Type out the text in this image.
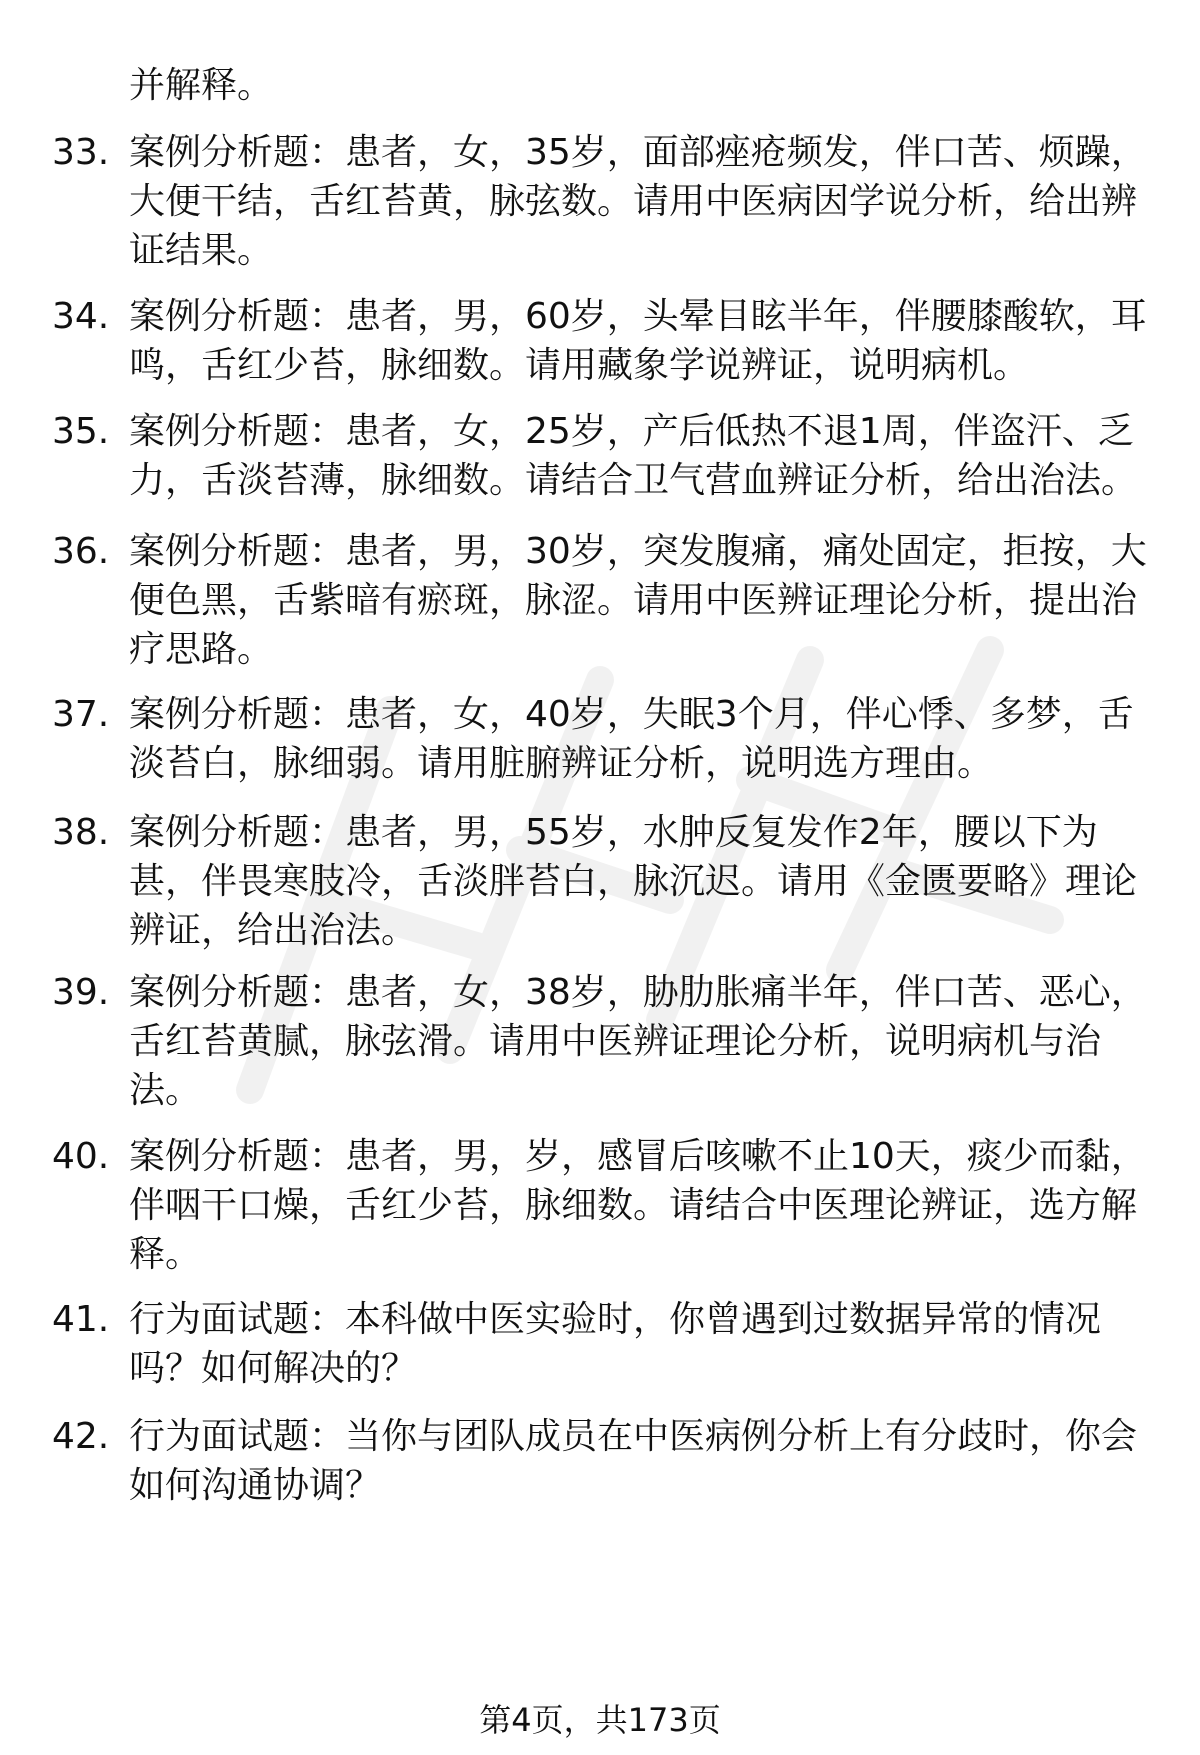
并解释。
33. 案例分析题：患者，女，35岁，面部痤疮频发，伴口苦、烦躁，
大便干结，舌红苔黄，脉弦数。请用中医病因学说分析，给出辨
证结果。
34. 案例分析题：患者，男，60岁，头晕目眩半年，伴腰膝酸软，耳
鸣，舌红少苔，脉细数。请用藏象学说辨证，说明病机。
35. 案例分析题：患者，女，25岁，产后低热不退1周，伴盗汗、乏
力，舌淡苔薄，脉细数。请结合卫气营血辨证分析，给出治法。
36. 案例分析题：患者，男，30岁，突发腹痛，痛处固定，拒按，大
便色黑，舌紫暗有瘀斑，脉涩。请用中医辨证理论分析，提出治
疗思路。
37. 案例分析题：患者，女，40岁，失眠3个月，伴心悸、多梦，舌
淡苔白，脉细弱。请用脏腑辨证分析，说明选方理由。
38. 案例分析题：患者，男，55岁，水肿反复发作2年，腰以下为
甚，伴畏寒肢冷，舌淡胖苔白，脉沉迟。请用《金匮要略》理论
辨证，给出治法。
39. 案例分析题：患者，女，38岁，胁肋胀痛半年，伴口苦、恶心，
舌红苔黄腻，脉弦滑。请用中医辨证理论分析，说明病机与治
法。
40. 案例分析题：患者，男，岁，感冒后咳嗽不止10天，痰少而黏，
伴咽干口燥，舌红少苔，脉细数。请结合中医理论辨证，选方解
释。
41. 行为面试题：本科做中医实验时，你曾遇到过数据异常的情况
吗？如何解决的？
42. 行为面试题：当你与团队成员在中医病例分析上有分歧时，你会
如何沟通协调？
第4页，共173页
